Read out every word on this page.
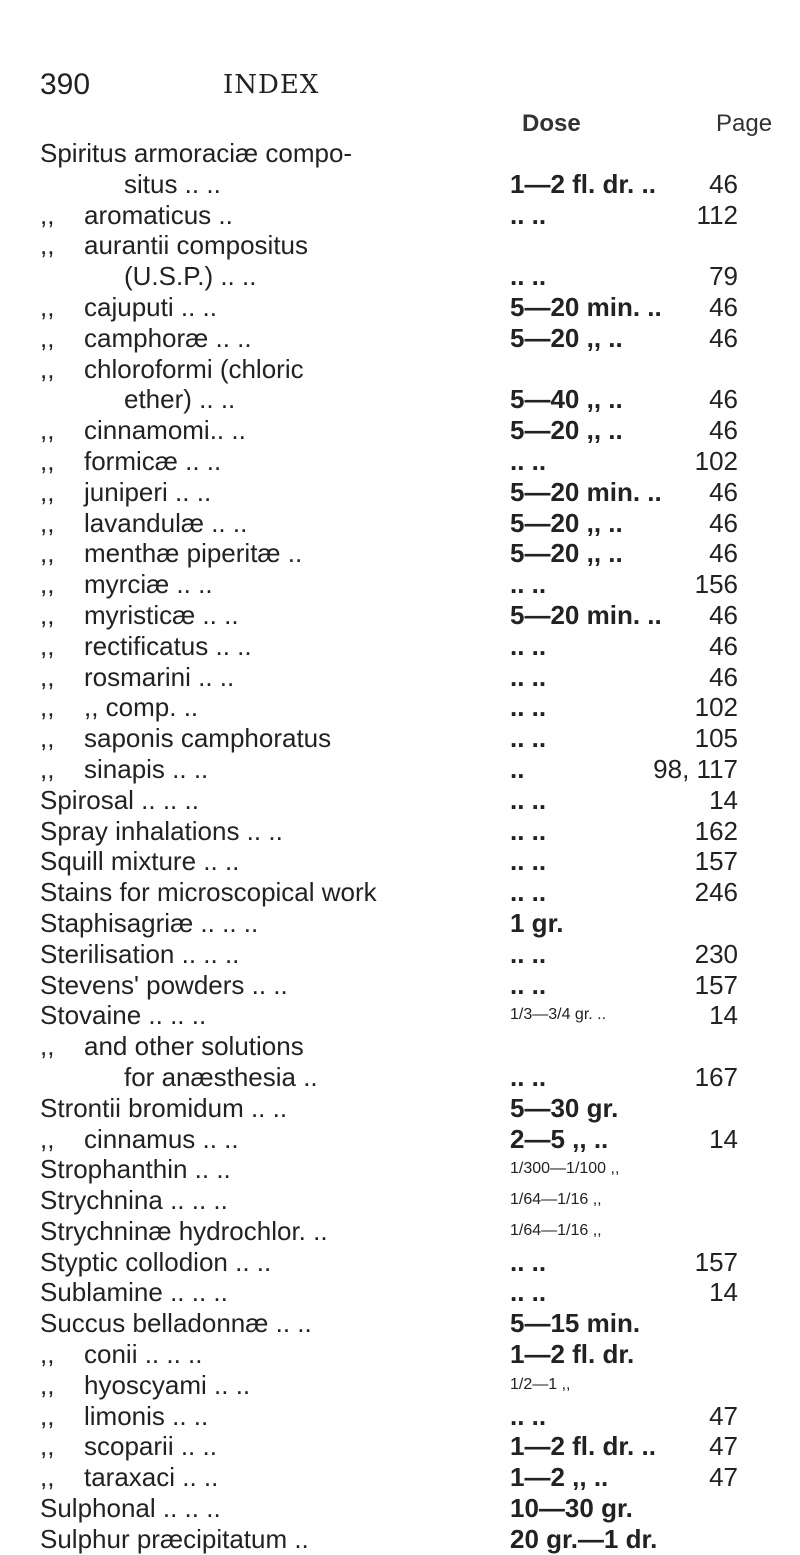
390	INDEX
Dose	Page
Spiritus armoraciæ compo-
situs .. ..	1—2 fl. dr. .. 46
,,	aromaticus ..	.. ..	112
,,	aurantii compositus
(U.S.P.) .. ..	.. ..	79
,,	cajuputi .. ..	5—20 min. .. 46
,,	camphoræ .. ..	5—20 ,, ..	46
,,	chloroformi (chloric
ether) .. ..	5—40 ,, ..	46
,,	cinnamomi.. ..	5—20 ,, ..	46
,,	formicæ .. ..	.. ..	102
,,	juniperi .. ..	5—20 min. .. 46
,,	lavandulæ .. ..	5—20 ,, ..	46
,,	menthæ piperitæ ..	5—20 ,, ..	46
,,	myrciæ .. ..	.. ..	156
,,	myristicæ .. ..	5—20 min. .. 46
,,	rectificatus .. ..	.. ..	46
,,	rosmarini .. ..	.. ..	46
,,	,, comp. ..	.. ..	102
,,	saponis camphoratus	.. ..	105
,,	sinapis .. ..	..	98, 117
Spirosal .. .. ..	.. ..	14
Spray inhalations .. ..	.. ..	162
Squill mixture .. ..	.. ..	157
Stains for microscopical work	.. ..	246
Staphisagriæ .. .. ..	1 gr.
Sterilisation .. .. ..	.. ..	230
Stevens' powders .. ..	.. ..	157
Stovaine .. .. ..	1/3—3/4 gr. ..	14
,,	and other solutions
for anæsthesia ..	.. ..	167
Strontii bromidum .. ..	5—30 gr.
,,	cinnamus .. ..	2—5 ,, ..	14
Strophanthin .. ..	1/300—1/100 ,,
Strychnina .. .. ..	1/64—1/16 ,,
Strychninæ hydrochlor. ..	1/64—1/16 ,,
Styptic collodion .. ..	.. ..	157
Sublamine .. .. ..	.. ..	14
Succus belladonnæ .. ..	5—15 min.
,,	conii .. .. ..	1—2 fl. dr.
,,	hyoscyami .. ..	1/2—1 ,,
,,	limonis .. ..	.. ..	47
,,	scoparii .. ..	1—2 fl. dr. .. 47
,,	taraxaci .. ..	1—2 ,, ..	47
Sulphonal .. .. ..	10—30 gr.
Sulphur præcipitatum ..	20 gr.—1 dr.
